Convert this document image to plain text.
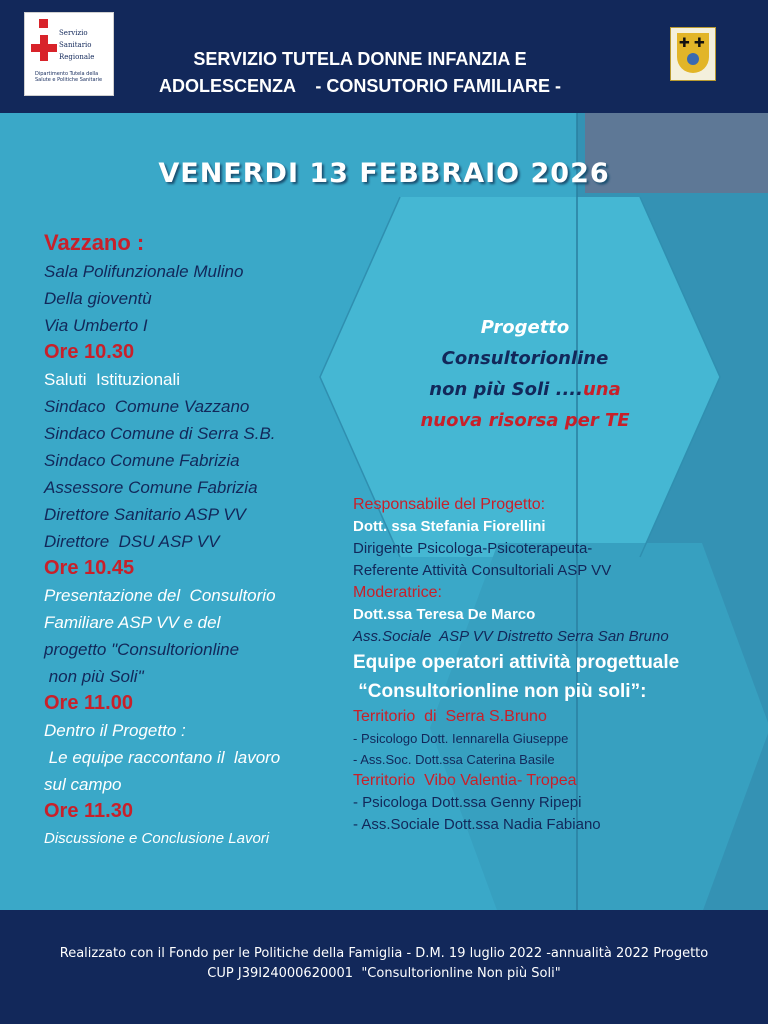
Servizio
Sanitario
Regionale
Dipartimento Tutela della Salute e Politiche Sanitarie
SERVIZIO TUTELA DONNE INFANZIA E
ADOLESCENZA    - CONSUTORIO FAMILIARE -
✚ ✚
VENERDI 13 FEBBRAIO 2026
Vazzano :
Sala Polifunzionale Mulino
Della gioventù
Via Umberto I
Ore 10.30
Saluti  Istituzionali
Sindaco  Comune Vazzano
Sindaco Comune di Serra S.B.
Sindaco Comune Fabrizia
Assessore Comune Fabrizia
Direttore Sanitario ASP VV
Direttore  DSU ASP VV
Ore 10.45
Presentazione del  Consultorio
Familiare ASP VV e del
progetto "Consultorionline
non più Soli"
Ore 11.00
Dentro il Progetto :
Le equipe raccontano il  lavoro
sul campo
Ore 11.30
Discussione e Conclusione Lavori
Progetto
Consultorionline
non più Soli ....una
nuova risorsa per TE
Responsabile del Progetto:
Dott. ssa Stefania Fiorellini
Dirigente Psicologa-Psicoterapeuta-
Referente Attività Consultoriali ASP VV
Moderatrice:
Dott.ssa Teresa De Marco
Ass.Sociale  ASP VV Distretto Serra San Bruno
Equipe operatori attività progettuale
“Consultorionline non più soli”:
Territorio  di  Serra S.Bruno
- Psicologo Dott. Iennarella Giuseppe
- Ass.Soc. Dott.ssa Caterina Basile
Territorio  Vibo Valentia- Tropea
- Psicologa Dott.ssa Genny Ripepi
- Ass.Sociale Dott.ssa Nadia Fabiano
Realizzato con il Fondo per le Politiche della Famiglia - D.M. 19 luglio 2022 -annualità 2022 Progetto
CUP J39I24000620001  "Consultorionline Non più Soli"
